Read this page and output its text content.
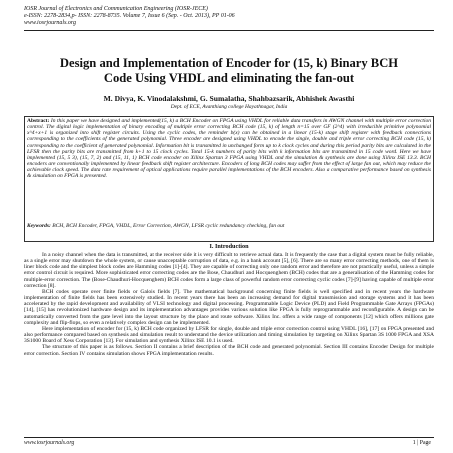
IOSR Journal of Electronics and Communication Engineering (IOSR-JECE)
e-ISSN: 2278-2834,p- ISSN: 2278-8735. Volume 7, Issue 6 (Sep. - Oct. 2013), PP 01-06
www.iosrjournals.org
Design and Implementation of Encoder for (15, k) Binary BCH
Code Using VHDL and eliminating the fan-out
M. Divya, K. Vinodalakshmi, G. Sumalatha, Shahbazsarik, Abhishek Awasthi
Dept. of ECE, Avanthiang college Hayathnagar, India
Abstract: In this paper we have designed and implemented(15, k) a BCH Encoder on FPGA using VHDL for reliable data transfers in AWGN channel with multiple error correction control. The digital logic implementation of binary encoding of multiple error correcting BCH code (15, k) of length n=15 over GF (2^4) with irreducible primitive polynomial x^4+x+1 is organized into shift register circuits. Using the cyclic codes, the reminder b(x) can be obtained in a linear (15-k) stage shift register with feedback connections corresponding to the coefficients of the generated polynomial. Three encoder are designed using VHDL to encode the single, double and triple error correcting BCH code (15, k) corresponding to the coefficient of generated polynomial. Information bit is transmitted in unchanged form up to k clock cycles and during this period parity bits are calculated in the LFSR then the parity bits are transmitted from k+1 to 15 clock cycles. Total 15-k numbers of parity bits with k information bits are transmitted in 15 code word. Here we have implemented (15, 5 3), (15, 7, 2) and (15, 11, 1) BCH code encoder on Xilinx Spartan 3 FPGA using VHDL and the simulation & synthesis are done using Xilinx ISE 13.3. BCH encoders are conventionally implemented by linear feedback shift register architecture. Encoders of long BCH codes may suffer from the effect of large fan out, which may reduce the achievable clock speed. The data rate requirement of optical applications require parallel implementations of the BCH encoders. Also a comparative performance based on synthesis & simulation on FPGA is presented.
Keywords: BCH, BCH Encoder, FPGA, VHDL, Error Correction, AWGN, LFSR cyclic redundancy checking, fan out
I. Introduction

In a noisy channel when the data is transmitted, at the receiver side it is very difficult to retrieve actual data. It is frequently the case that a digital system must be fully reliable, as a single error may shutdown the whole system, or cause unacceptable corruption of data, e.g. in a bank account [5], [6]. There are so many error correcting methods, one of them is liner block code and the simplest block codes are Hamming codes [1]-[4]. They are capable of correcting only one random error and therefore are not practically useful, unless a simple error control circuit is required. More sophisticated error correcting codes are the Bose, Chaudhuri and Hocquenghem (BCH) codes that are a generalisation of the Hamming codes for multiple-error correction. The (Bose-Chaudhuri-Hocquenghem) BCH codes form a large class of powerful random error correcting cyclic codes [7]-[9] having capable of multiple error correction [8].

BCH codes operate over finite fields or Galois fields [7]. The mathematical background concerning finite fields is well specified and in recent years the hardware implementation of finite fields has been extensively studied. In recent years there has been an increasing demand for digital transmission and storage systems and it has been accelerated by the rapid development and availability of VLSI technology and digital processing. Programmable Logic Device (PLD) and Field Programmable Gate Arrays (FPGAs) [14], [15] has revolutionized hardware design and its implementation advantages provides various solution like FPGA is fully reprogrammable and reconfigurable. A design can be automatically converted from the gate level into the layout structure by the place and route software. Xilinx Inc. offers a wide range of components [12] which offers millions gate complexity and flip-flops, so even a relatively complex design can be implemented.

Here implementation of encoder for (15, k) BCH code organized by LFSR for single, double and triple error correction control using VHDL [16], [17] on FPGA presented and also performance compared based on synthesis and simulation result to understand the device utilization and timing simulation by targeting on Xilinx Spartan 3S 1000 FPGA and XSA 3S1000 Board of Xess Corporation [13]. For simulation and synthesis Xilinx ISE 10.1 is used.

The structure of this paper is as follows. Section II contains a brief description of the BCH code and generated polynomial. Section III contains Encoder Design for multiple error correction. Section IV contains simulation shows FPGA implementation results.

www.iosrjournals.org	1 | Page
